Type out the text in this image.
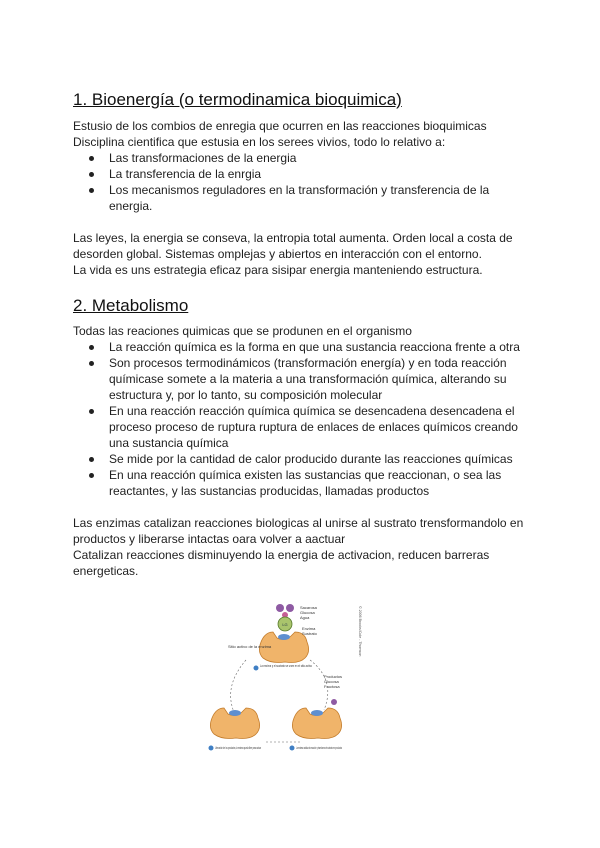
1. Bioenergía (o termodinamica bioquimica)

Estusio de los combios de enregia que ocurren en las reacciones bioquimicas

Disciplina cientifica que estusia en los serees vivios, todo lo relativo a:

Las transformaciones de la energia
La transferencia de la enrgia
Los mecanismos reguladores en la transformación y transferencia de la energia.

Las leyes, la energia se conseva, la entropia total aumenta. Orden local a costa de desorden global. Sistemas omplejas y abiertos en interacción con el entorno.

La vida es uns estrategia eficaz para sisipar energia manteniendo estructura.

2. Metabolismo

Todas las reaciones quimicas que se produnen en el organismo

La reacción química es la forma en que una sustancia reacciona frente a otra
Son procesos termodinámicos (transformación energía) y en toda reacción químicase somete a la materia a una transformación química, alterando su estructura y, por lo tanto, su composición molecular
En una reacción reacción química química se desencadena desencadena el proceso proceso de ruptura ruptura de enlaces de enlaces químicos creando una sustancia química
Se mide por la cantidad de calor producido durante las reacciones químicas
En una reacción química existen las sustancias que reaccionan, o sea las reactantes, y las sustancias producidas, llamadas productos

Las enzimas catalizan reacciones biologicas al unirse al sustrato trensformandolo en productos y liberarse intactas oara volver a aactuar

Catalizan reacciones disminuyendo la energia de activacion, reducen barreras energeticas.

LG
Sacarosa
Glucosa
Agua
Enzima
Sustrato
Sitio activo de la enzima
La enzima y el sustrato se unen en el sitio activo
Productos
Glucosa
Fructosa
Liberación de los productos; la enzima queda libre para actuar	La enzima cataliza la reacción y transforma el sustrato en productos
© 2006 Brooks/Cole - Thomson
